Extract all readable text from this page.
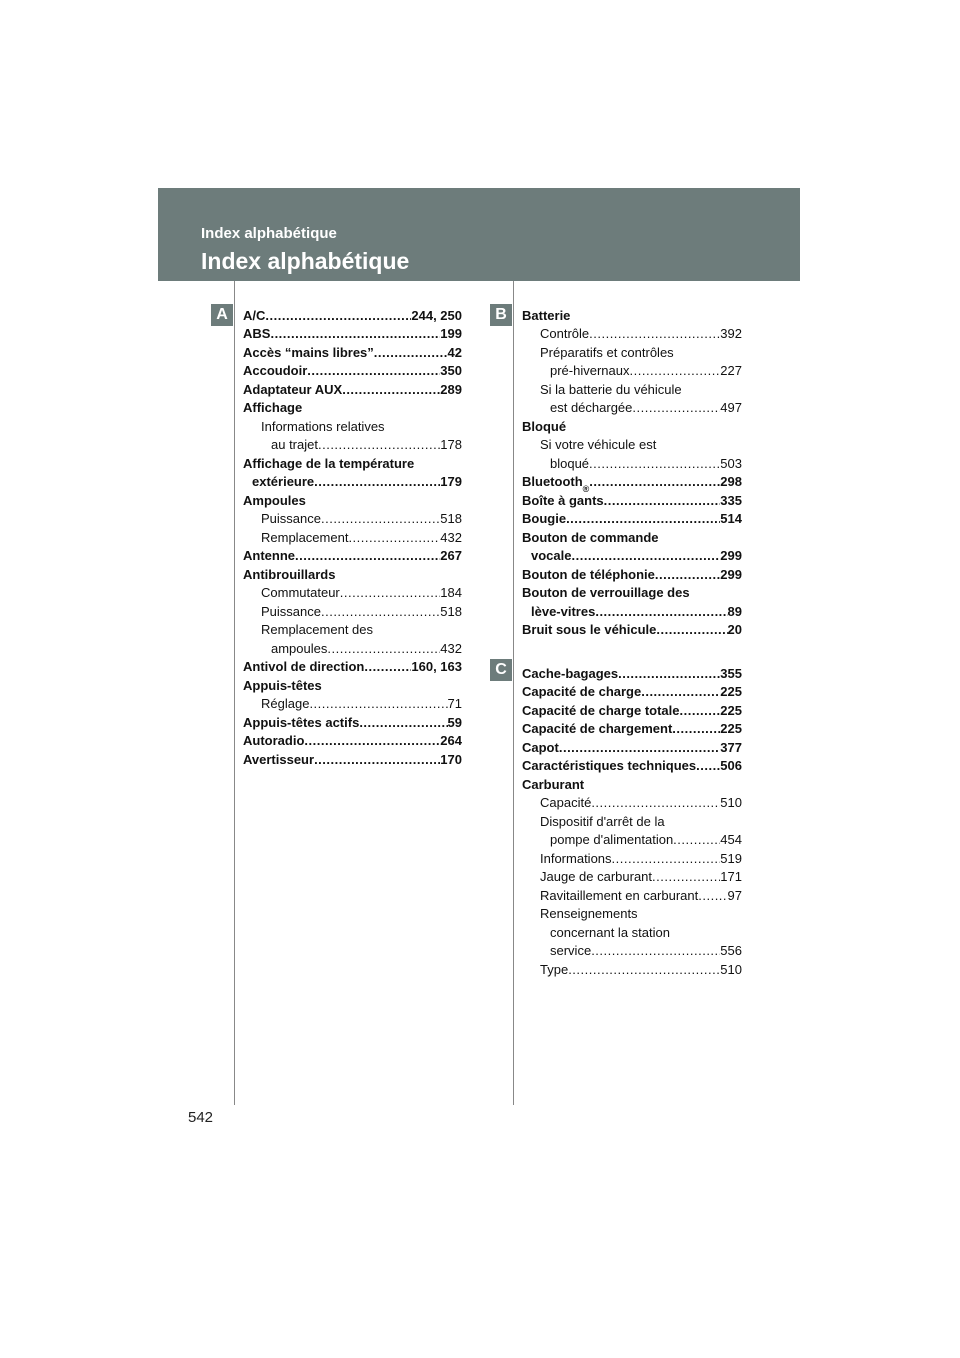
Index alphabétique
Index alphabétique
A	B
C
A/C .....	244, 250
ABS .....	199
Accès “mains libres” .....	42
Accoudoir .....	350
Adaptateur AUX .....	289
Affichage
Informations relatives
au trajet .....	178
Affichage de la température
extérieure .....	179
Ampoules
Puissance .....	518
Remplacement .....	432
Antenne .....	267
Antibrouillards
Commutateur .....	184
Puissance .....	518
Remplacement des
ampoules .....	432
Antivol de direction .....	160, 163
Appuis-têtes
Réglage .....	71
Appuis-têtes actifs .....	59
Autoradio .....	264
Avertisseur .....	170
Batterie
Contrôle .....	392
Préparatifs et contrôles
pré-hivernaux .....	227
Si la batterie du véhicule
est déchargée .....	497
Bloqué
Si votre véhicule est
bloqué .....	503
Bluetooth ® .....	298
Boîte à gants .....	335
Bougie .....	514
Bouton de commande
vocale .....	299
Bouton de téléphonie .....	299
Bouton de verrouillage des
lève-vitres .....	89
Bruit sous le véhicule .....	20
Cache-bagages .....	355
Capacité de charge .....	225
Capacité de charge totale .....	225
Capacité de chargement .....	225
Capot .....	377
Caractéristiques techniques ..... 506
Carburant
Capacité .....	510
Dispositif d'arrêt de la
pompe d'alimentation .....	454
Informations .....	519
Jauge de carburant .....	171
Ravitaillement en carburant ..... 97
Renseignements
concernant la station
service .....	556
Type .....	510
542
